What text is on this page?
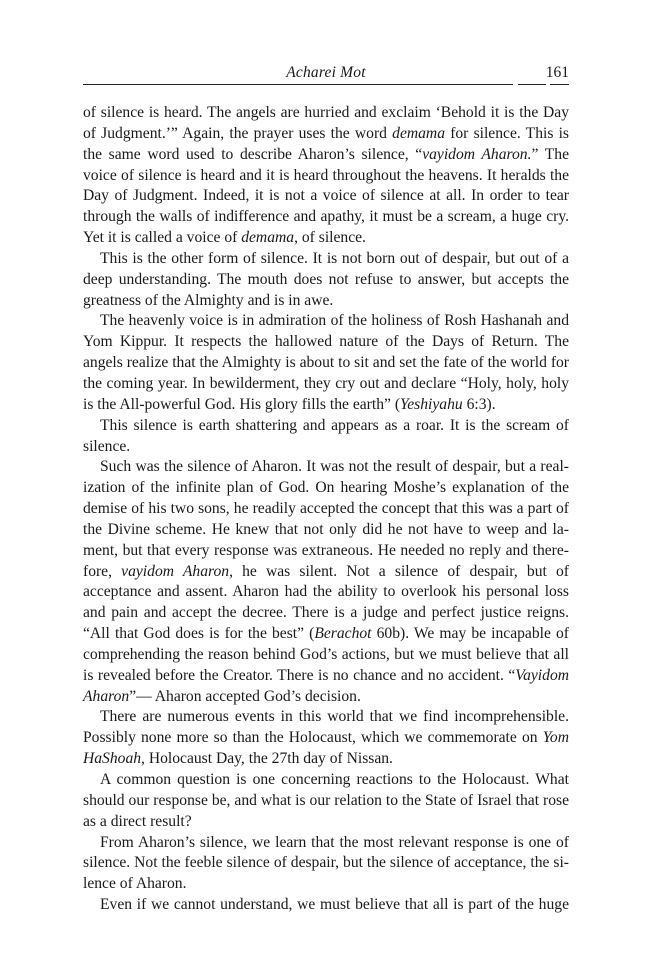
Acharei Mot	161

of silence is heard. The angels are hurried and exclaim ‘Behold it is the Day of Judgment.’” Again, the prayer uses the word demama for silence. This is the same word used to describe Aharon’s silence, “vayidom Aharon.” The voice of silence is heard and it is heard throughout the heavens. It heralds the Day of Judgment. Indeed, it is not a voice of silence at all. In order to tear through the walls of indifference and apathy, it must be a scream, a huge cry. Yet it is called a voice of demama, of silence.

This is the other form of silence. It is not born out of despair, but out of a deep understanding. The mouth does not refuse to answer, but accepts the greatness of the Almighty and is in awe.

The heavenly voice is in admiration of the holiness of Rosh Hashanah and Yom Kippur. It respects the hallowed nature of the Days of Return. The angels realize that the Almighty is about to sit and set the fate of the world for the coming year. In bewilderment, they cry out and declare “Holy, holy, holy is the All-powerful God. His glory fills the earth” (Yeshiyahu 6:3).

This silence is earth shattering and appears as a roar. It is the scream of silence.

Such was the silence of Aharon. It was not the result of despair, but a realization of the infinite plan of God. On hearing Moshe’s explanation of the demise of his two sons, he readily accepted the concept that this was a part of the Divine scheme. He knew that not only did he not have to weep and lament, but that every response was extraneous. He needed no reply and therefore, vayidom Aharon, he was silent. Not a silence of despair, but of acceptance and assent. Aharon had the ability to overlook his personal loss and pain and accept the decree. There is a judge and perfect justice reigns. “All that God does is for the best” (Berachot 60b). We may be incapable of comprehending the reason behind God’s actions, but we must believe that all is revealed before the Creator. There is no chance and no accident. “Vayidom Aharon”— Aharon accepted God’s decision.

There are numerous events in this world that we find incomprehensible. Possibly none more so than the Holocaust, which we commemorate on Yom HaShoah, Holocaust Day, the 27th day of Nissan.

A common question is one concerning reactions to the Holocaust. What should our response be, and what is our relation to the State of Israel that rose as a direct result?

From Aharon’s silence, we learn that the most relevant response is one of silence. Not the feeble silence of despair, but the silence of acceptance, the silence of Aharon.

Even if we cannot understand, we must believe that all is part of the huge
